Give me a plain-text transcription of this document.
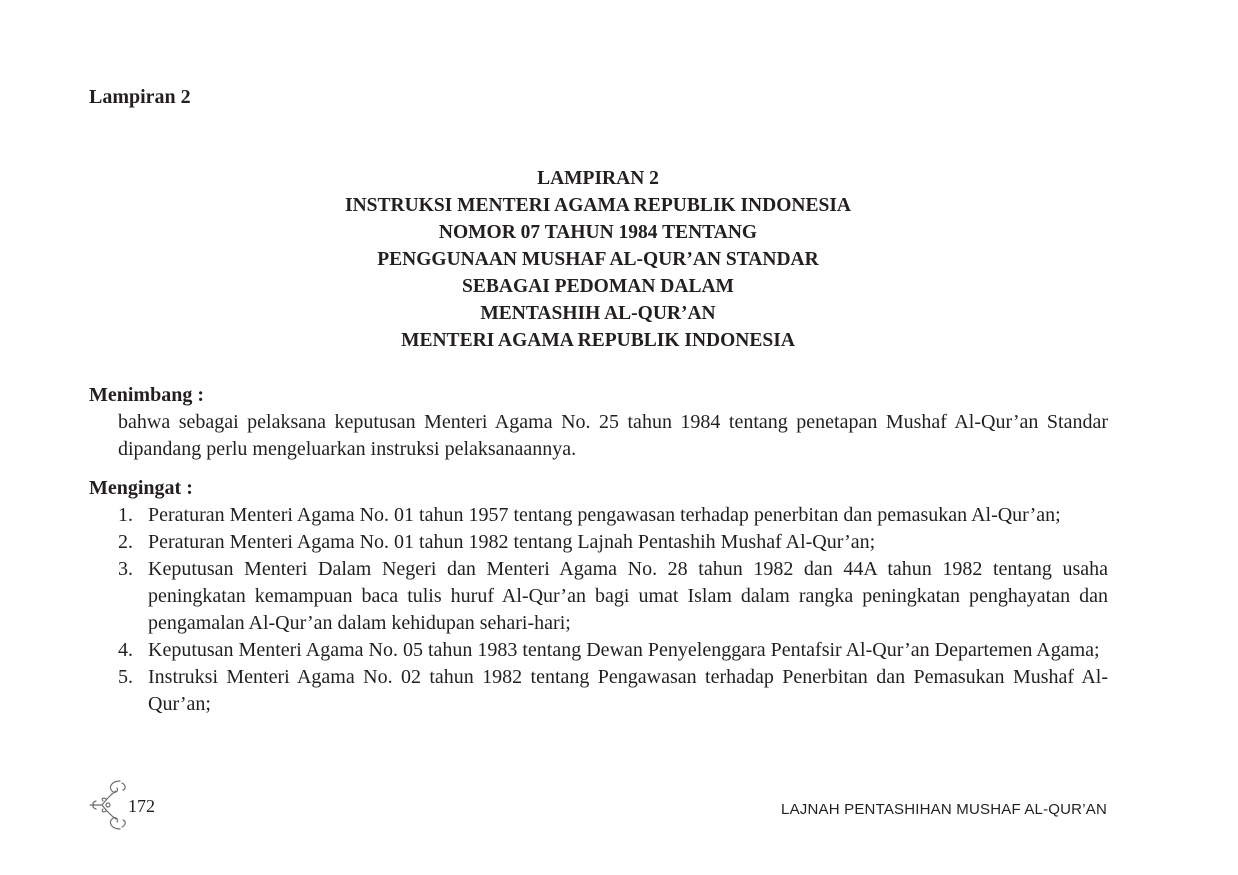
Lampiran 2
LAMPIRAN 2
INSTRUKSI MENTERI AGAMA REPUBLIK INDONESIA
NOMOR 07 TAHUN 1984 TENTANG
PENGGUNAAN MUSHAF AL-QUR’AN STANDAR
SEBAGAI PEDOMAN DALAM
MENTASHIH AL-QUR’AN
MENTERI AGAMA REPUBLIK INDONESIA
Menimbang :
bahwa sebagai pelaksana keputusan Menteri Agama No. 25 tahun 1984 tentang penetapan Mushaf Al-Qur’an Standar dipandang perlu mengeluarkan instruksi pelaksanaannya.
Mengingat :
1. Peraturan Menteri Agama No. 01 tahun 1957 tentang pengawasan terhadap penerbitan dan pemasukan Al-Qur’an;
2. Peraturan Menteri Agama No. 01 tahun 1982 tentang Lajnah Pentashih Mushaf Al-Qur’an;
3. Keputusan Menteri Dalam Negeri dan Menteri Agama No. 28 tahun 1982 dan 44A tahun 1982 tentang usaha peningkatan kemampuan baca tulis huruf Al-Qur’an bagi umat Islam dalam rangka peningkatan penghayatan dan pengamalan Al-Qur’an dalam kehidupan sehari-hari;
4. Keputusan Menteri Agama No. 05 tahun 1983 tentang Dewan Penyelenggara Pentafsir Al-Qur’an Departemen Agama;
5. Instruksi Menteri Agama No. 02 tahun 1982 tentang Pengawasan terhadap Penerbitan dan Pemasukan Mushaf Al-Qur’an;
172	LAJNAH PENTASHIHAN MUSHAF AL-QUR’AN
